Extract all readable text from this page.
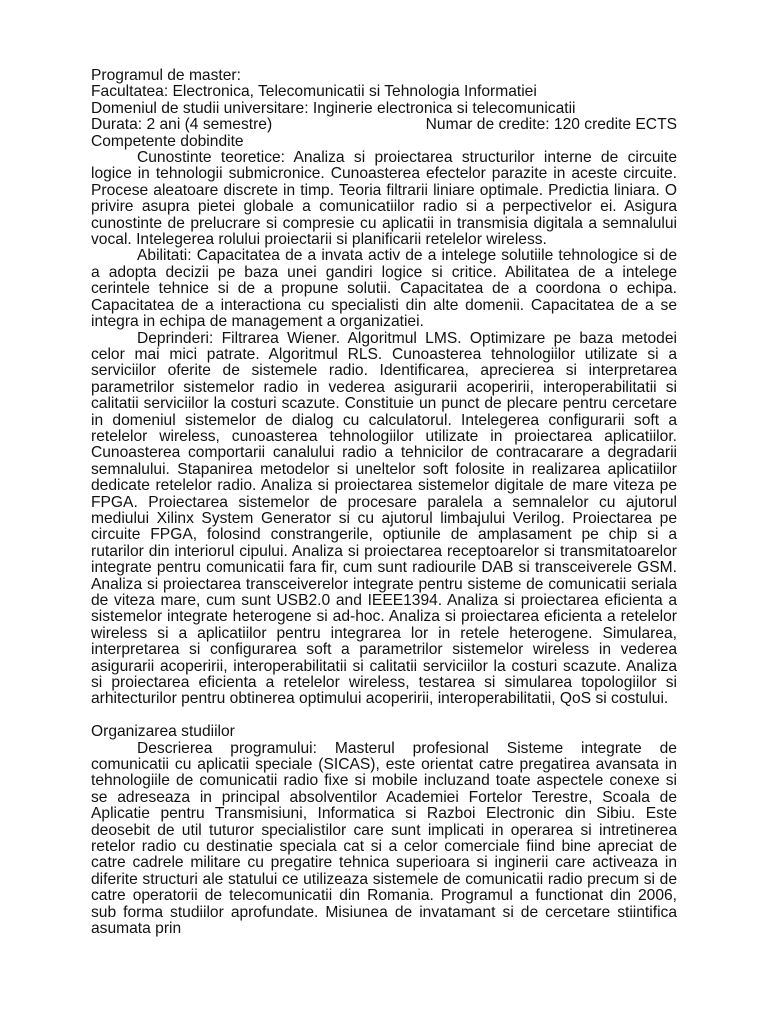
Programul de master:

Facultatea: Electronica, Telecomunicatii si Tehnologia Informatiei

Domeniul de studii universitare: Inginerie electronica si telecomunicatii

Durata: 2 ani (4 semestre)	Numar de credite: 120 credite ECTS

Competente dobindite

Cunostinte teoretice: Analiza si proiectarea structurilor interne de circuite logice in tehnologii submicronice. Cunoasterea efectelor parazite in aceste circuite. Procese aleatoare discrete in timp. Teoria filtrarii liniare optimale. Predictia liniara. O privire asupra pietei globale a comunicatiilor radio si a perpectivelor ei. Asigura cunostinte de prelucrare si compresie cu aplicatii in transmisia digitala a semnalului vocal. Intelegerea rolului proiectarii si planificarii retelelor wireless.

Abilitati: Capacitatea de a invata activ de a intelege solutiile tehnologice si de a adopta decizii pe baza unei gandiri logice si critice. Abilitatea de a intelege cerintele tehnice si de a propune solutii. Capacitatea de a coordona o echipa. Capacitatea de a interactiona cu specialisti din alte domenii. Capacitatea de a se integra in echipa de management a organizatiei.

Deprinderi: Filtrarea Wiener. Algoritmul LMS. Optimizare pe baza metodei celor mai mici patrate. Algoritmul RLS. Cunoasterea tehnologiilor utilizate si a serviciilor oferite de sistemele radio. Identificarea, aprecierea si interpretarea parametrilor sistemelor radio in vederea asigurarii acoperirii, interoperabilitatii si calitatii serviciilor la costuri scazute. Constituie un punct de plecare pentru cercetare in domeniul sistemelor de dialog cu calculatorul. Intelegerea configurarii soft a retelelor wireless, cunoasterea tehnologiilor utilizate in proiectarea aplicatiilor. Cunoasterea comportarii canalului radio a tehnicilor de contracarare a degradarii semnalului. Stapanirea metodelor si uneltelor soft folosite in realizarea aplicatiilor dedicate retelelor radio. Analiza si proiectarea sistemelor digitale de mare viteza pe FPGA. Proiectarea sistemelor de procesare paralela a semnalelor cu ajutorul mediului Xilinx System Generator si cu ajutorul limbajului Verilog. Proiectarea pe circuite FPGA, folosind constrangerile, optiunile de amplasament pe chip si a rutarilor din interiorul cipului. Analiza si proiectarea receptoarelor si transmitatoarelor integrate pentru comunicatii fara fir, cum sunt radiourile DAB si transceiverele GSM. Analiza si proiectarea transceiverelor integrate pentru sisteme de comunicatii seriala de viteza mare, cum sunt USB2.0 and IEEE1394. Analiza si proiectarea eficienta a sistemelor integrate heterogene si ad-hoc. Analiza si proiectarea eficienta a retelelor wireless si a aplicatiilor pentru integrarea lor in retele heterogene. Simularea, interpretarea si configurarea soft a parametrilor sistemelor wireless in vederea asigurarii acoperirii, interoperabilitatii si calitatii serviciilor la costuri scazute. Analiza si proiectarea eficienta a retelelor wireless, testarea si simularea topologiilor si arhitecturilor pentru obtinerea optimului acoperirii, interoperabilitatii, QoS si costului.

Organizarea studiilor

Descrierea programului: Masterul profesional Sisteme integrate de comunicatii cu aplicatii speciale (SICAS), este orientat catre pregatirea avansata in tehnologiile de comunicatii radio fixe si mobile incluzand toate aspectele conexe si se adreseaza in principal absolventilor Academiei Fortelor Terestre, Scoala de Aplicatie pentru Transmisiuni, Informatica si Razboi Electronic din Sibiu. Este deosebit de util tuturor specialistilor care sunt implicati in operarea si intretinerea retelor radio cu destinatie speciala cat si a celor comerciale fiind bine apreciat de catre cadrele militare cu pregatire tehnica superioara si inginerii care activeaza in diferite structuri ale statului ce utilizeaza sistemele de comunicatii radio precum si de catre operatorii de telecomunicatii din Romania. Programul a functionat din 2006, sub forma studiilor aprofundate. Misiunea de invatamant si de cercetare stiintifica asumata prin
